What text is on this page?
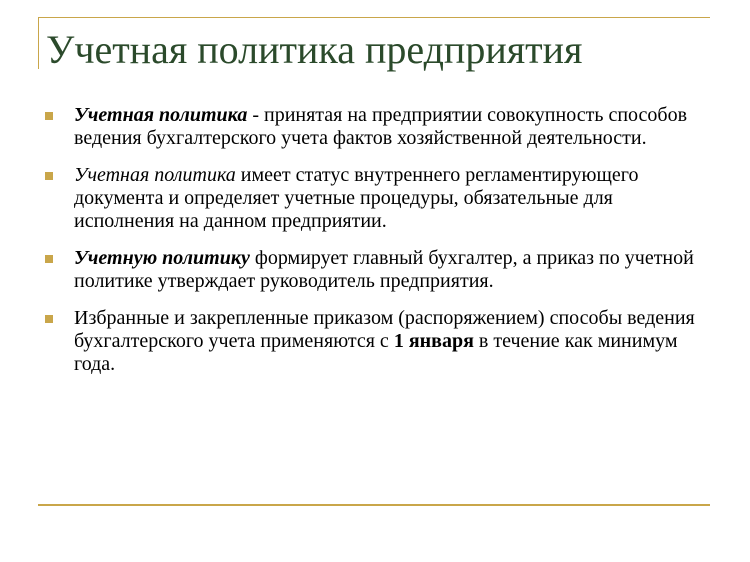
Учетная политика предприятия
Учетная политика - принятая на предприятии совокупность способов ведения бухгалтерского учета фактов хозяйственной деятельности.
Учетная политика имеет статус внутреннего регламентирующего документа и определяет учетные процедуры, обязательные для исполнения на данном предприятии.
Учетную политику формирует главный бухгалтер, а приказ по учетной политике утверждает руководитель предприятия.
Избранные и закрепленные приказом (распоряжением) способы ведения бухгалтерского учета применяются с 1 января в течение как минимум года.
